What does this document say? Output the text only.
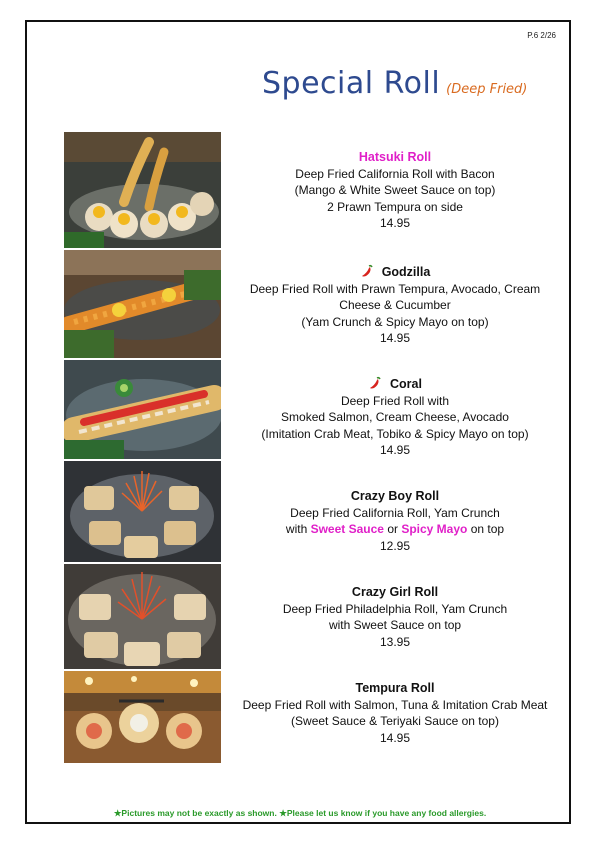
P.6 2/26
Special Roll (Deep Fried)
Hatsuki Roll
Deep Fried California Roll with Bacon
(Mango & White Sweet Sauce on top)
2 Prawn Tempura on side
14.95
Godzilla
Deep Fried Roll with Prawn Tempura, Avocado, Cream
Cheese & Cucumber
(Yam Crunch & Spicy Mayo on top)
14.95
Coral
Deep Fried Roll with
Smoked Salmon, Cream Cheese, Avocado
(Imitation Crab Meat, Tobiko & Spicy Mayo on top)
14.95
Crazy Boy Roll
Deep Fried California Roll, Yam Crunch
with Sweet Sauce or Spicy Mayo on top
12.95
Crazy Girl Roll
Deep Fried Philadelphia Roll, Yam Crunch
with Sweet Sauce on top
13.95
Tempura Roll
Deep Fried Roll with Salmon, Tuna & Imitation Crab Meat
(Sweet Sauce & Teriyaki Sauce on top)
14.95
★Pictures may not be exactly as shown. ★Please let us know if you have any food allergies.
